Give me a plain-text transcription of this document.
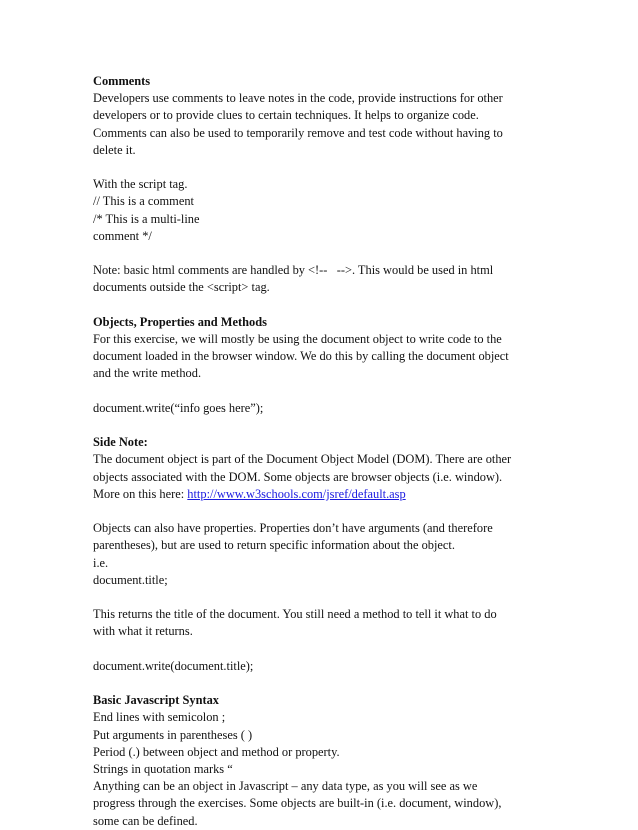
Comments
Developers use comments to leave notes in the code, provide instructions for other
developers or to provide clues to certain techniques. It helps to organize code.
Comments can also be used to temporarily remove and test code without having to
delete it.
With the script tag.
// This is a comment
/* This is a multi-line
comment */
Note: basic html comments are handled by <!--   -->. This would be used in html
documents outside the <script> tag.
Objects, Properties and Methods
For this exercise, we will mostly be using the document object to write code to the
document loaded in the browser window. We do this by calling the document object
and the write method.
document.write(“info goes here”);
Side Note:
The document object is part of the Document Object Model (DOM). There are other
objects associated with the DOM. Some objects are browser objects (i.e. window).
More on this here: http://www.w3schools.com/jsref/default.asp
Objects can also have properties. Properties don’t have arguments (and therefore
parentheses), but are used to return specific information about the object.
i.e.
document.title;
This returns the title of the document. You still need a method to tell it what to do
with what it returns.
document.write(document.title);
Basic Javascript Syntax
End lines with semicolon ;
Put arguments in parentheses ( )
Period (.) between object and method or property.
Strings in quotation marks “
Anything can be an object in Javascript – any data type, as you will see as we
progress through the exercises. Some objects are built-in (i.e. document, window),
some can be defined.
